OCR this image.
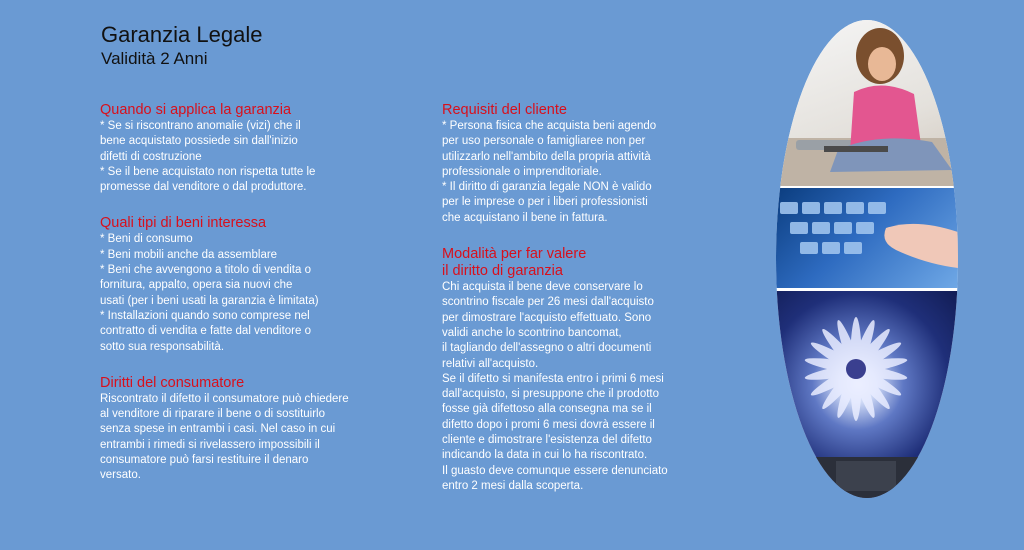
Garanzia Legale
Validità 2 Anni
Quando si applica la garanzia
* Se si riscontrano anomalie (vizi) che il
bene acquistato possiede sin dall'inizio
difetti di costruzione
* Se il bene acquistato non rispetta tutte le
promesse dal venditore o dal produttore.
Quali tipi di beni interessa
* Beni di consumo
* Beni mobili anche da assemblare
* Beni che avvengono a titolo di vendita o
fornitura, appalto, opera sia nuovi che
usati (per i beni usati la garanzia è limitata)
* Installazioni quando sono comprese nel
contratto di vendita e fatte dal venditore o
sotto sua responsabilità.
Diritti del consumatore
Riscontrato il difetto il consumatore può chiedere
al venditore di riparare il bene o di sostituirlo
senza spese in entrambi i casi. Nel caso in cui
entrambi i rimedi si rivelassero impossibili il
consumatore può farsi restituire il denaro
versato.
Requisiti del cliente
* Persona fisica che acquista beni agendo
per uso personale o famigliaree non per
utilizzarlo nell'ambito della propria attività
professionale o imprenditoriale.
* Il diritto di garanzia legale NON è valido
per le imprese o per i liberi professionisti
che acquistano il bene in fattura.
Modalità per far valere
il diritto di garanzia
Chi acquista il bene deve conservare lo
scontrino fiscale per 26 mesi dall'acquisto
per dimostrare l'acquisto effettuato. Sono
validi anche lo scontrino bancomat,
il tagliando dell'assegno o altri documenti
relativi all'acquisto.
Se il difetto si manifesta entro i primi 6 mesi
dall'acquisto, si presuppone che il prodotto
fosse già difettoso alla consegna ma se il
difetto dopo i promi 6 mesi dovrà essere il
cliente e dimostrare l'esistenza del difetto
indicando la data in cui lo ha riscontrato.
Il guasto deve comunque essere denunciato
entro 2 mesi dalla scoperta.
